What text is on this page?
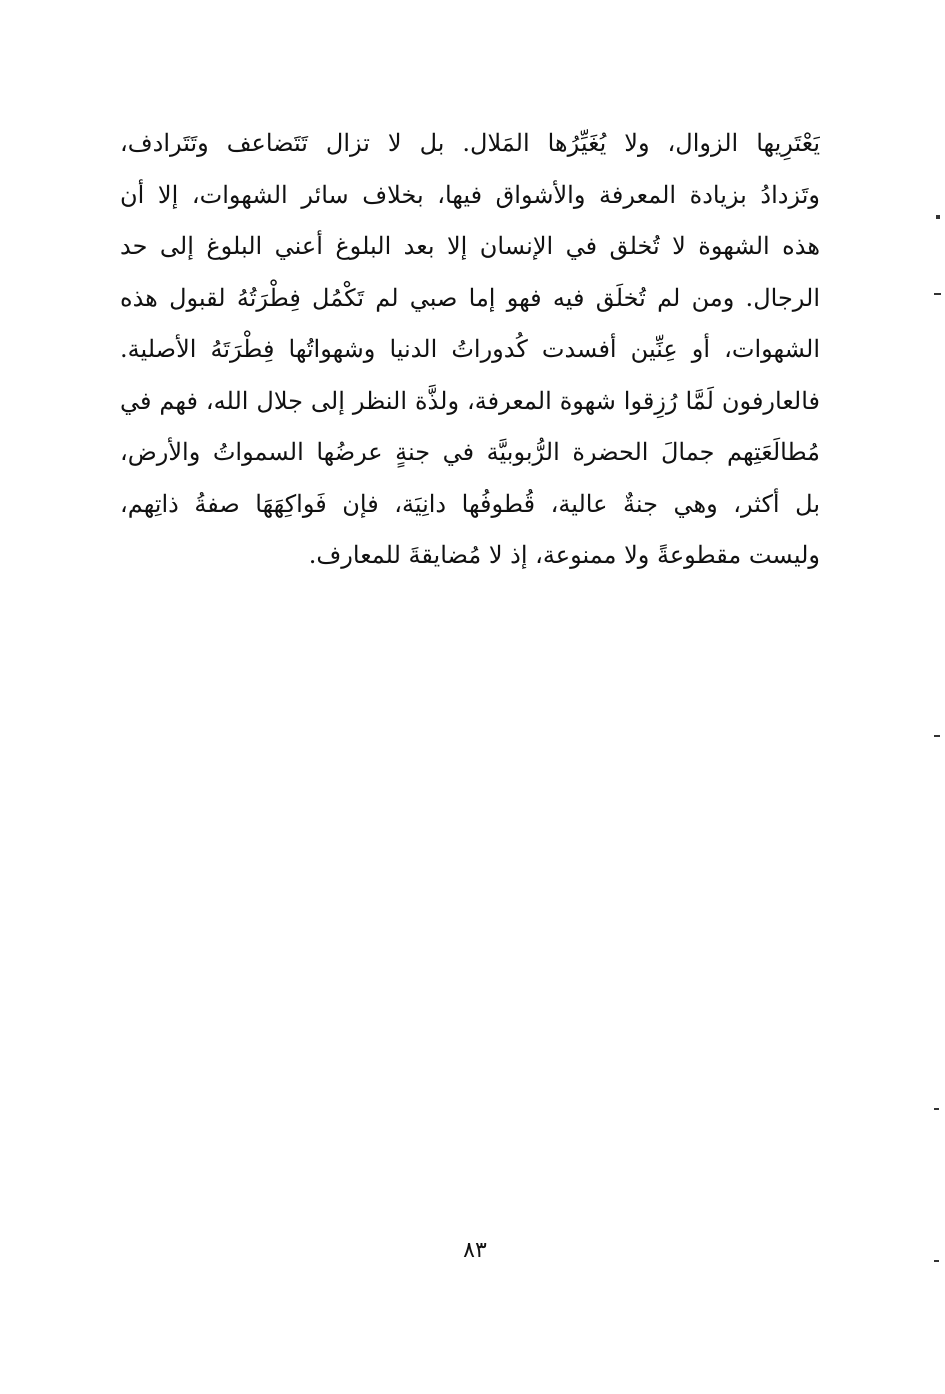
يَعْتَرِيها الزوال، ولا يُغَيِّرُها المَلال. بل لا تزال تَتَضاعف وتَتَرادف،
وتَزدادُ بزيادة المعرفة والأشواق فيها، بخلاف سائر الشهوات، إلا أن
هذه الشهوة لا تُخلق في الإنسان إلا بعد البلوغ أعني البلوغ إلى حد
الرجال. ومن لم تُخلَق فيه فهو إما صبي لم تَكْمُل فِطْرَتُهُ لقبول هذه
الشهوات، أو عِنِّين أفسدت كُدوراتُ الدنيا وشهواتُها فِطْرَتَهُ الأصلية.
فالعارفون لَمَّا رُزِقوا شهوة المعرفة، ولذَّة النظر إلى جلال الله، فهم في
مُطالَعَتِهم جمالَ الحضرة الرُّبوبيَّة في جنةٍ عرضُها السمواتُ والأرض،
بل أكثر، وهي جنةٌ عالية، قُطوفُها دانِيَة، فإن فَواكِهَهَا صفةُ ذاتِهم،
وليست مقطوعةً ولا ممنوعة، إذ لا مُضايقةَ للمعارف.
٨٣
